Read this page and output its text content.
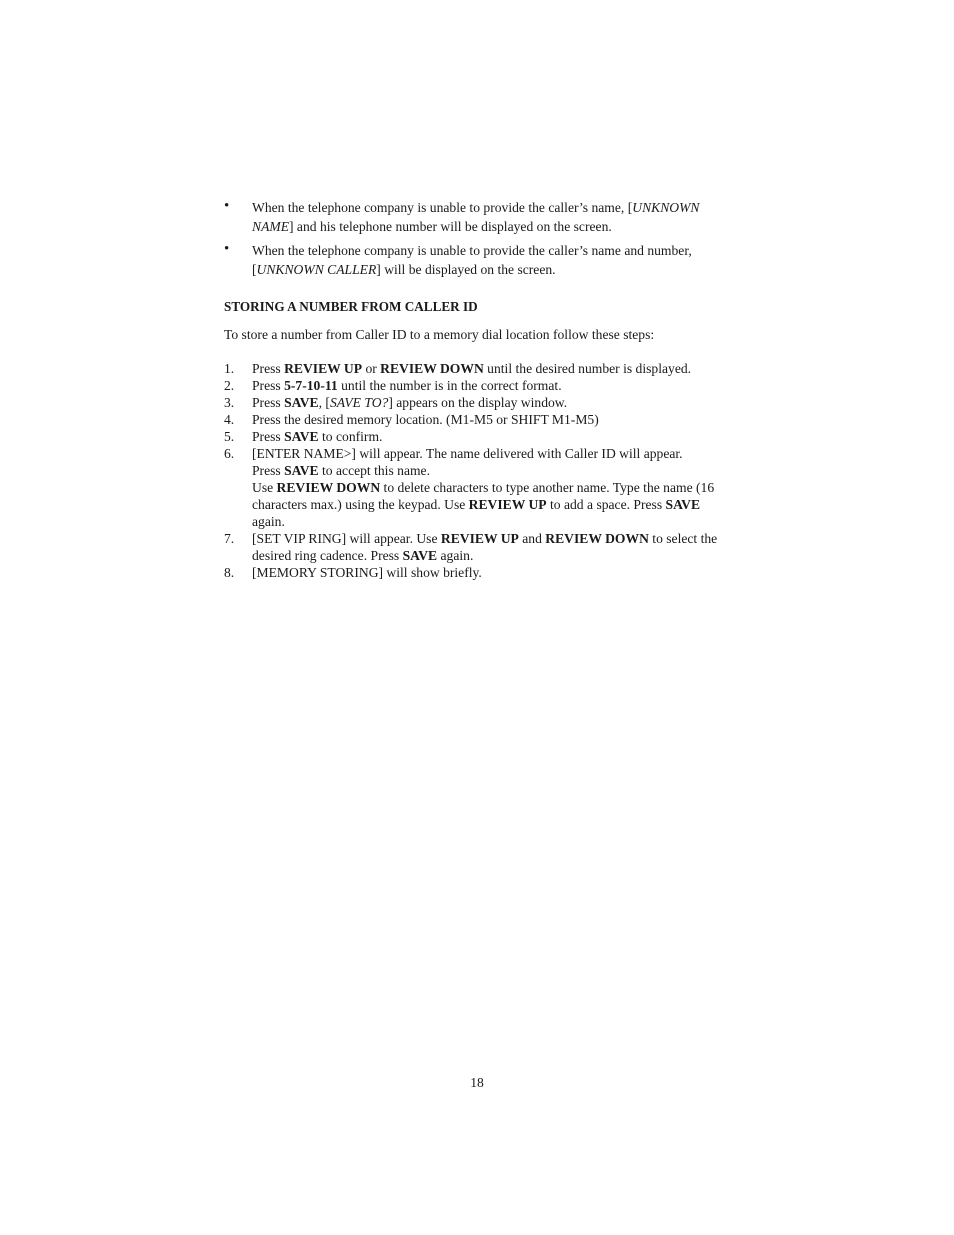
• When the telephone company is unable to provide the caller’s name, [UNKNOWN NAME] and his telephone number will be displayed on the screen.
• When the telephone company is unable to provide the caller’s name and number, [UNKNOWN CALLER] will be displayed on the screen.
STORING A NUMBER FROM CALLER ID
To store a number from Caller ID to a memory dial location follow these steps:
1. Press REVIEW UP or REVIEW DOWN until the desired number is displayed.
2. Press 5-7-10-11 until the number is in the correct format.
3. Press SAVE, [SAVE TO?] appears on the display window.
4. Press the desired memory location. (M1-M5 or SHIFT M1-M5)
5. Press SAVE to confirm.
6. [ENTER NAME>] will appear. The name delivered with Caller ID will appear.
Press SAVE to accept this name.
Use REVIEW DOWN to delete characters to type another name. Type the name (16 characters max.) using the keypad. Use REVIEW UP to add a space. Press SAVE again.
7. [SET VIP RING] will appear. Use REVIEW UP and REVIEW DOWN to select the desired ring cadence. Press SAVE again.
8. [MEMORY STORING] will show briefly.
18
